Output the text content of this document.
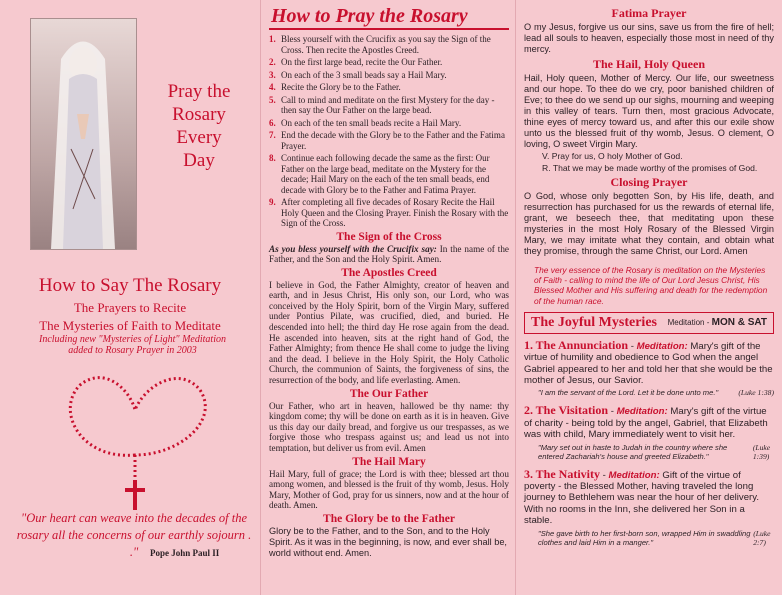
Pray the
Rosary
Every
Day
How to Say The Rosary
The Prayers to Recite
The Mysteries of Faith to Meditate
Including new "Mysteries of Light" Meditation
added to Rosary Prayer in 2003
"Our heart can weave into the decades of the rosary all the concerns of our earthly sojourn . ."	Pope John Paul II
How to Pray the Rosary
1. Bless yourself with the Crucifix as you say the Sign of the Cross. Then recite the Apostles Creed.
2. On the first large bead, recite the Our Father.
3. On each of the 3 small beads say a Hail Mary.
4. Recite the Glory be to the Father.
5. Call to mind and meditate on the first Mystery for the day - then say the Our Father on the large bead.
6. On each of the ten small beads recite a Hail Mary.
7. End the decade with the Glory be to the Father and the Fatima Prayer.
8. Continue each following decade the same as the first: Our Father on the large bead, meditate on the Mystery for the decade; Hail Mary on the each of the ten small beads, end decade with Glory be to the Father and Fatima Prayer.
9. After completing all five decades of Rosary Recite the Hail Holy Queen and the Closing Prayer. Finish the Rosary with the Sign of the Cross.
The Sign of the Cross

As you bless yourself with the Crucifix say: In the name of the Father, and the Son and the Holy Spirit. Amen.

The Apostles Creed

I believe in God, the Father Almighty, creator of heaven and earth, and in Jesus Christ, His only son, our Lord, who was conceived by the Holy Spirit, born of the Virgin Mary, suffered under Pontius Pilate, was crucified, died, and buried. He descended into hell; the third day He rose again from the dead. He ascended into heaven, sits at the right hand of God, the Father Almighty; from thence He shall come to judge the living and the dead. I believe in the Holy Spirit, the Holy Catholic Church, the communion of Saints, the forgiveness of sins, the resurrection of the body, and life everlasting. Amen.

The Our Father

Our Father, who art in heaven, hallowed be thy name: thy kingdom come; thy will be done on earth as it is in heaven. Give us this day our daily bread, and forgive us our trespasses, as we forgive those who trespass against us; and lead us not into temptation, but deliver us from evil. Amen

The Hail Mary

Hail Mary, full of grace; the Lord is with thee; blessed art thou among women, and blessed is the fruit of thy womb, Jesus. Holy Mary, Mother of God, pray for us sinners, now and at the hour of death. Amen.

The Glory be to the Father

Glory be to the Father, and to the Son, and to the Holy Spirit. As it was in the beginning, is now, and ever shall be, world without end. Amen.

Fatima Prayer

O my Jesus, forgive us our sins, save us from the fire of hell; lead all souls to heaven, especially those most in need of thy mercy.

The Hail, Holy Queen

Hail, Holy queen, Mother of Mercy. Our life, our sweetness and our hope. To thee do we cry, poor banished children of Eve; to thee do we send up our sighs, mourning and weeping in this valley of tears. Turn then, most gracious Advocate, thine eyes of mercy toward us, and after this our exile show unto us the blessed fruit of thy womb, Jesus. O clement, O loving, O sweet Virgin Mary.

V. Pray for us, O holy Mother of God.
R. That we may be made worthy of the promises of God.
Closing Prayer

O God, whose only begotten Son, by His life, death, and resurrection has purchased for us the rewards of eternal life, grant, we beseech thee, that meditating upon these mysteries in the most Holy Rosary of the Blessed Virgin Mary, we may imitate what they contain, and obtain what they promise, through the same Christ, our Lord. Amen

The very essence of the Rosary is meditation on the Mysteries of Faith - calling to mind the life of Our Lord Jesus Christ, His Blessed Mother and His suffering and death for the redemption of the human race.

The Joyful Mysteries Meditation - MON & SAT

1. The Annunciation - Meditation: Mary's gift of the virtue of humility and obedience to God when the angel Gabriel appeared to her and told her that she would be the mother of Jesus, our Savior.

"I am the servant of the Lord. Let it be done unto me."	(Luke 1:38)

2. The Visitation - Meditation: Mary's gift of the virtue of charity - being told by the angel, Gabriel, that Elizabeth was with child, Mary immediately went to visit her.

"Mary set out in haste to Judah in the country where she entered Zachariah's house and greeted Elizabeth."
(Luke 1:39)

3. The Nativity - Meditation: Gift of the virtue of poverty - the Blessed Mother, having traveled the long journey to Bethlehem was near the hour of her delivery. With no rooms in the Inn, she delivered her Son in a stable.

"She gave birth to her first-born son, wrapped Him in swaddling clothes and laid Him in a manger."
(Luke 2:7)
